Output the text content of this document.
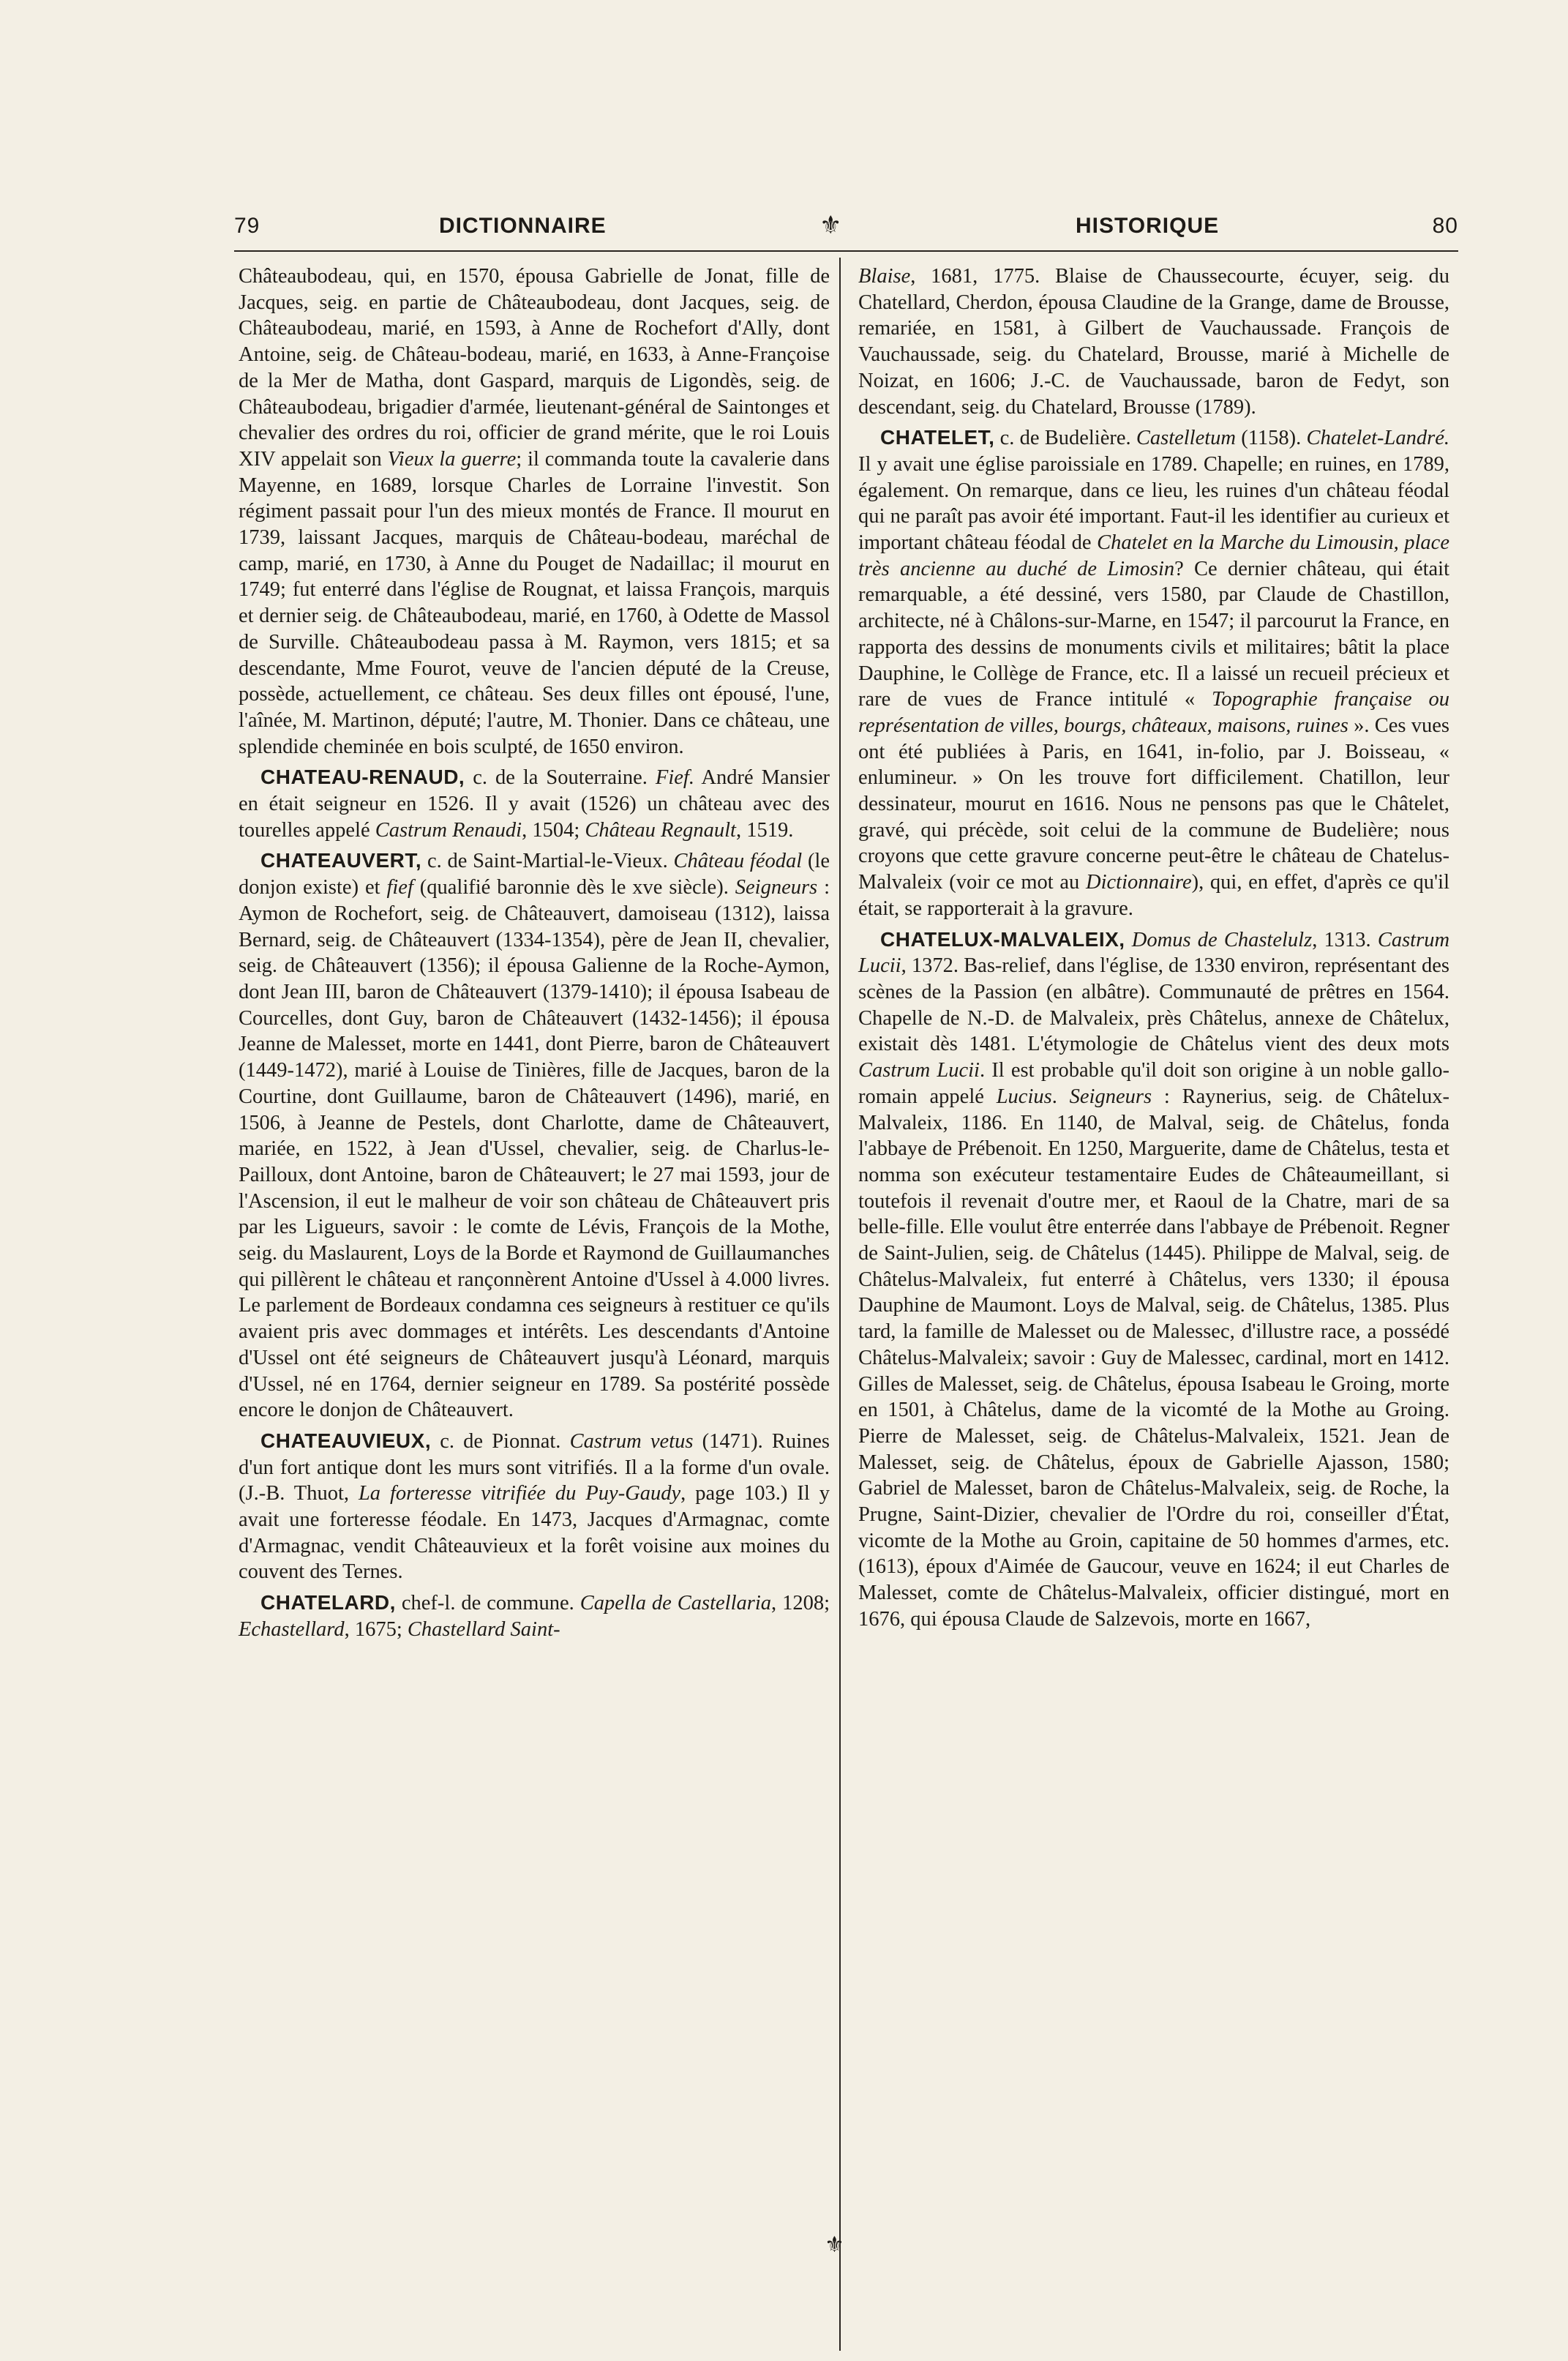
79	DICTIONNAIRE	⚜	HISTORIQUE	80

Châteaubodeau, qui, en 1570, épousa Gabrielle de Jonat, fille de Jacques, seig. en partie de Châteaubodeau, dont Jacques, seig. de Châteaubodeau, marié, en 1593, à Anne de Rochefort d'Ally, dont Antoine, seig. de Château-bodeau, marié, en 1633, à Anne-Françoise de la Mer de Matha, dont Gaspard, marquis de Ligondès, seig. de Châteaubodeau, brigadier d'armée, lieutenant-général de Saintonges et chevalier des ordres du roi, officier de grand mérite, que le roi Louis XIV appelait son Vieux la guerre; il commanda toute la cavalerie dans Mayenne, en 1689, lorsque Charles de Lorraine l'investit. Son régiment passait pour l'un des mieux montés de France. Il mourut en 1739, laissant Jacques, marquis de Château-bodeau, maréchal de camp, marié, en 1730, à Anne du Pouget de Nadaillac; il mourut en 1749; fut enterré dans l'église de Rougnat, et laissa François, marquis et dernier seig. de Châteaubodeau, marié, en 1760, à Odette de Massol de Surville. Châteaubodeau passa à M. Raymon, vers 1815; et sa descendante, Mme Fourot, veuve de l'ancien député de la Creuse, possède, actuellement, ce château. Ses deux filles ont épousé, l'une, l'aînée, M. Martinon, député; l'autre, M. Thonier. Dans ce château, une splendide cheminée en bois sculpté, de 1650 environ.

CHATEAU-RENAUD, c. de la Souterraine. Fief. André Mansier en était seigneur en 1526. Il y avait (1526) un château avec des tourelles appelé Castrum Renaudi, 1504; Château Regnault, 1519.

CHATEAUVERT, c. de Saint-Martial-le-Vieux. Château féodal (le donjon existe) et fief (qualifié baronnie dès le xve siècle). Seigneurs : Aymon de Rochefort, seig. de Châteauvert, damoiseau (1312), laissa Bernard, seig. de Châteauvert (1334-1354), père de Jean II, chevalier, seig. de Châteauvert (1356); il épousa Galienne de la Roche-Aymon, dont Jean III, baron de Châteauvert (1379-1410); il épousa Isabeau de Courcelles, dont Guy, baron de Châteauvert (1432-1456); il épousa Jeanne de Malesset, morte en 1441, dont Pierre, baron de Châteauvert (1449-1472), marié à Louise de Tinières, fille de Jacques, baron de la Courtine, dont Guillaume, baron de Châteauvert (1496), marié, en 1506, à Jeanne de Pestels, dont Charlotte, dame de Châteauvert, mariée, en 1522, à Jean d'Ussel, chevalier, seig. de Charlus-le-Pailloux, dont Antoine, baron de Châteauvert; le 27 mai 1593, jour de l'Ascension, il eut le malheur de voir son château de Châteauvert pris par les Ligueurs, savoir : le comte de Lévis, François de la Mothe, seig. du Maslaurent, Loys de la Borde et Raymond de Guillaumanches qui pillèrent le château et rançonnèrent Antoine d'Ussel à 4.000 livres. Le parlement de Bordeaux condamna ces seigneurs à restituer ce qu'ils avaient pris avec dommages et intérêts. Les descendants d'Antoine d'Ussel ont été seigneurs de Châteauvert jusqu'à Léonard, marquis d'Ussel, né en 1764, dernier seigneur en 1789. Sa postérité possède encore le donjon de Châteauvert.

CHATEAUVIEUX, c. de Pionnat. Castrum vetus (1471). Ruines d'un fort antique dont les murs sont vitrifiés. Il a la forme d'un ovale. (J.-B. Thuot, La forteresse vitrifiée du Puy-Gaudy, page 103.) Il y avait une forteresse féodale. En 1473, Jacques d'Armagnac, comte d'Armagnac, vendit Châteauvieux et la forêt voisine aux moines du couvent des Ternes.

CHATELARD, chef-l. de commune. Capella de Castellaria, 1208; Echastellard, 1675; Chastellard Saint-

Blaise, 1681, 1775. Blaise de Chaussecourte, écuyer, seig. du Chatellard, Cherdon, épousa Claudine de la Grange, dame de Brousse, remariée, en 1581, à Gilbert de Vauchaussade. François de Vauchaussade, seig. du Chatelard, Brousse, marié à Michelle de Noizat, en 1606; J.-C. de Vauchaussade, baron de Fedyt, son descendant, seig. du Chatelard, Brousse (1789).

CHATELET, c. de Budelière. Castelletum (1158). Chatelet-Landré. Il y avait une église paroissiale en 1789. Chapelle; en ruines, en 1789, également. On remarque, dans ce lieu, les ruines d'un château féodal qui ne paraît pas avoir été important. Faut-il les identifier au curieux et important château féodal de Chatelet en la Marche du Limousin, place très ancienne au duché de Limosin? Ce dernier château, qui était remarquable, a été dessiné, vers 1580, par Claude de Chastillon, architecte, né à Châlons-sur-Marne, en 1547; il parcourut la France, en rapporta des dessins de monuments civils et militaires; bâtit la place Dauphine, le Collège de France, etc. Il a laissé un recueil précieux et rare de vues de France intitulé « Topographie française ou représentation de villes, bourgs, châteaux, maisons, ruines ». Ces vues ont été publiées à Paris, en 1641, in-folio, par J. Boisseau, « enlumineur. » On les trouve fort difficilement. Chatillon, leur dessinateur, mourut en 1616. Nous ne pensons pas que le Châtelet, gravé, qui précède, soit celui de la commune de Budelière; nous croyons que cette gravure concerne peut-être le château de Chatelus-Malvaleix (voir ce mot au Dictionnaire), qui, en effet, d'après ce qu'il était, se rapporterait à la gravure.

CHATELUX-MALVALEIX, Domus de Chastelulz, 1313. Castrum Lucii, 1372. Bas-relief, dans l'église, de 1330 environ, représentant des scènes de la Passion (en albâtre). Communauté de prêtres en 1564. Chapelle de N.-D. de Malvaleix, près Châtelus, annexe de Châtelux, existait dès 1481. L'étymologie de Châtelus vient des deux mots Castrum Lucii. Il est probable qu'il doit son origine à un noble gallo-romain appelé Lucius. Seigneurs : Raynerius, seig. de Châtelux-Malvaleix, 1186. En 1140, de Malval, seig. de Châtelus, fonda l'abbaye de Prébenoit. En 1250, Marguerite, dame de Châtelus, testa et nomma son exécuteur testamentaire Eudes de Châteaumeillant, si toutefois il revenait d'outre mer, et Raoul de la Chatre, mari de sa belle-fille. Elle voulut être enterrée dans l'abbaye de Prébenoit. Regner de Saint-Julien, seig. de Châtelus (1445). Philippe de Malval, seig. de Châtelus-Malvaleix, fut enterré à Châtelus, vers 1330; il épousa Dauphine de Maumont. Loys de Malval, seig. de Châtelus, 1385. Plus tard, la famille de Malesset ou de Malessec, d'illustre race, a possédé Châtelus-Malvaleix; savoir : Guy de Malessec, cardinal, mort en 1412. Gilles de Malesset, seig. de Châtelus, épousa Isabeau le Groing, morte en 1501, à Châtelus, dame de la vicomté de la Mothe au Groing. Pierre de Malesset, seig. de Châtelus-Malvaleix, 1521. Jean de Malesset, seig. de Châtelus, époux de Gabrielle Ajasson, 1580; Gabriel de Malesset, baron de Châtelus-Malvaleix, seig. de Roche, la Prugne, Saint-Dizier, chevalier de l'Ordre du roi, conseiller d'État, vicomte de la Mothe au Groin, capitaine de 50 hommes d'armes, etc. (1613), époux d'Aimée de Gaucour, veuve en 1624; il eut Charles de Malesset, comte de Châtelus-Malvaleix, officier distingué, mort en 1676, qui épousa Claude de Salzevois, morte en 1667,

⚜
